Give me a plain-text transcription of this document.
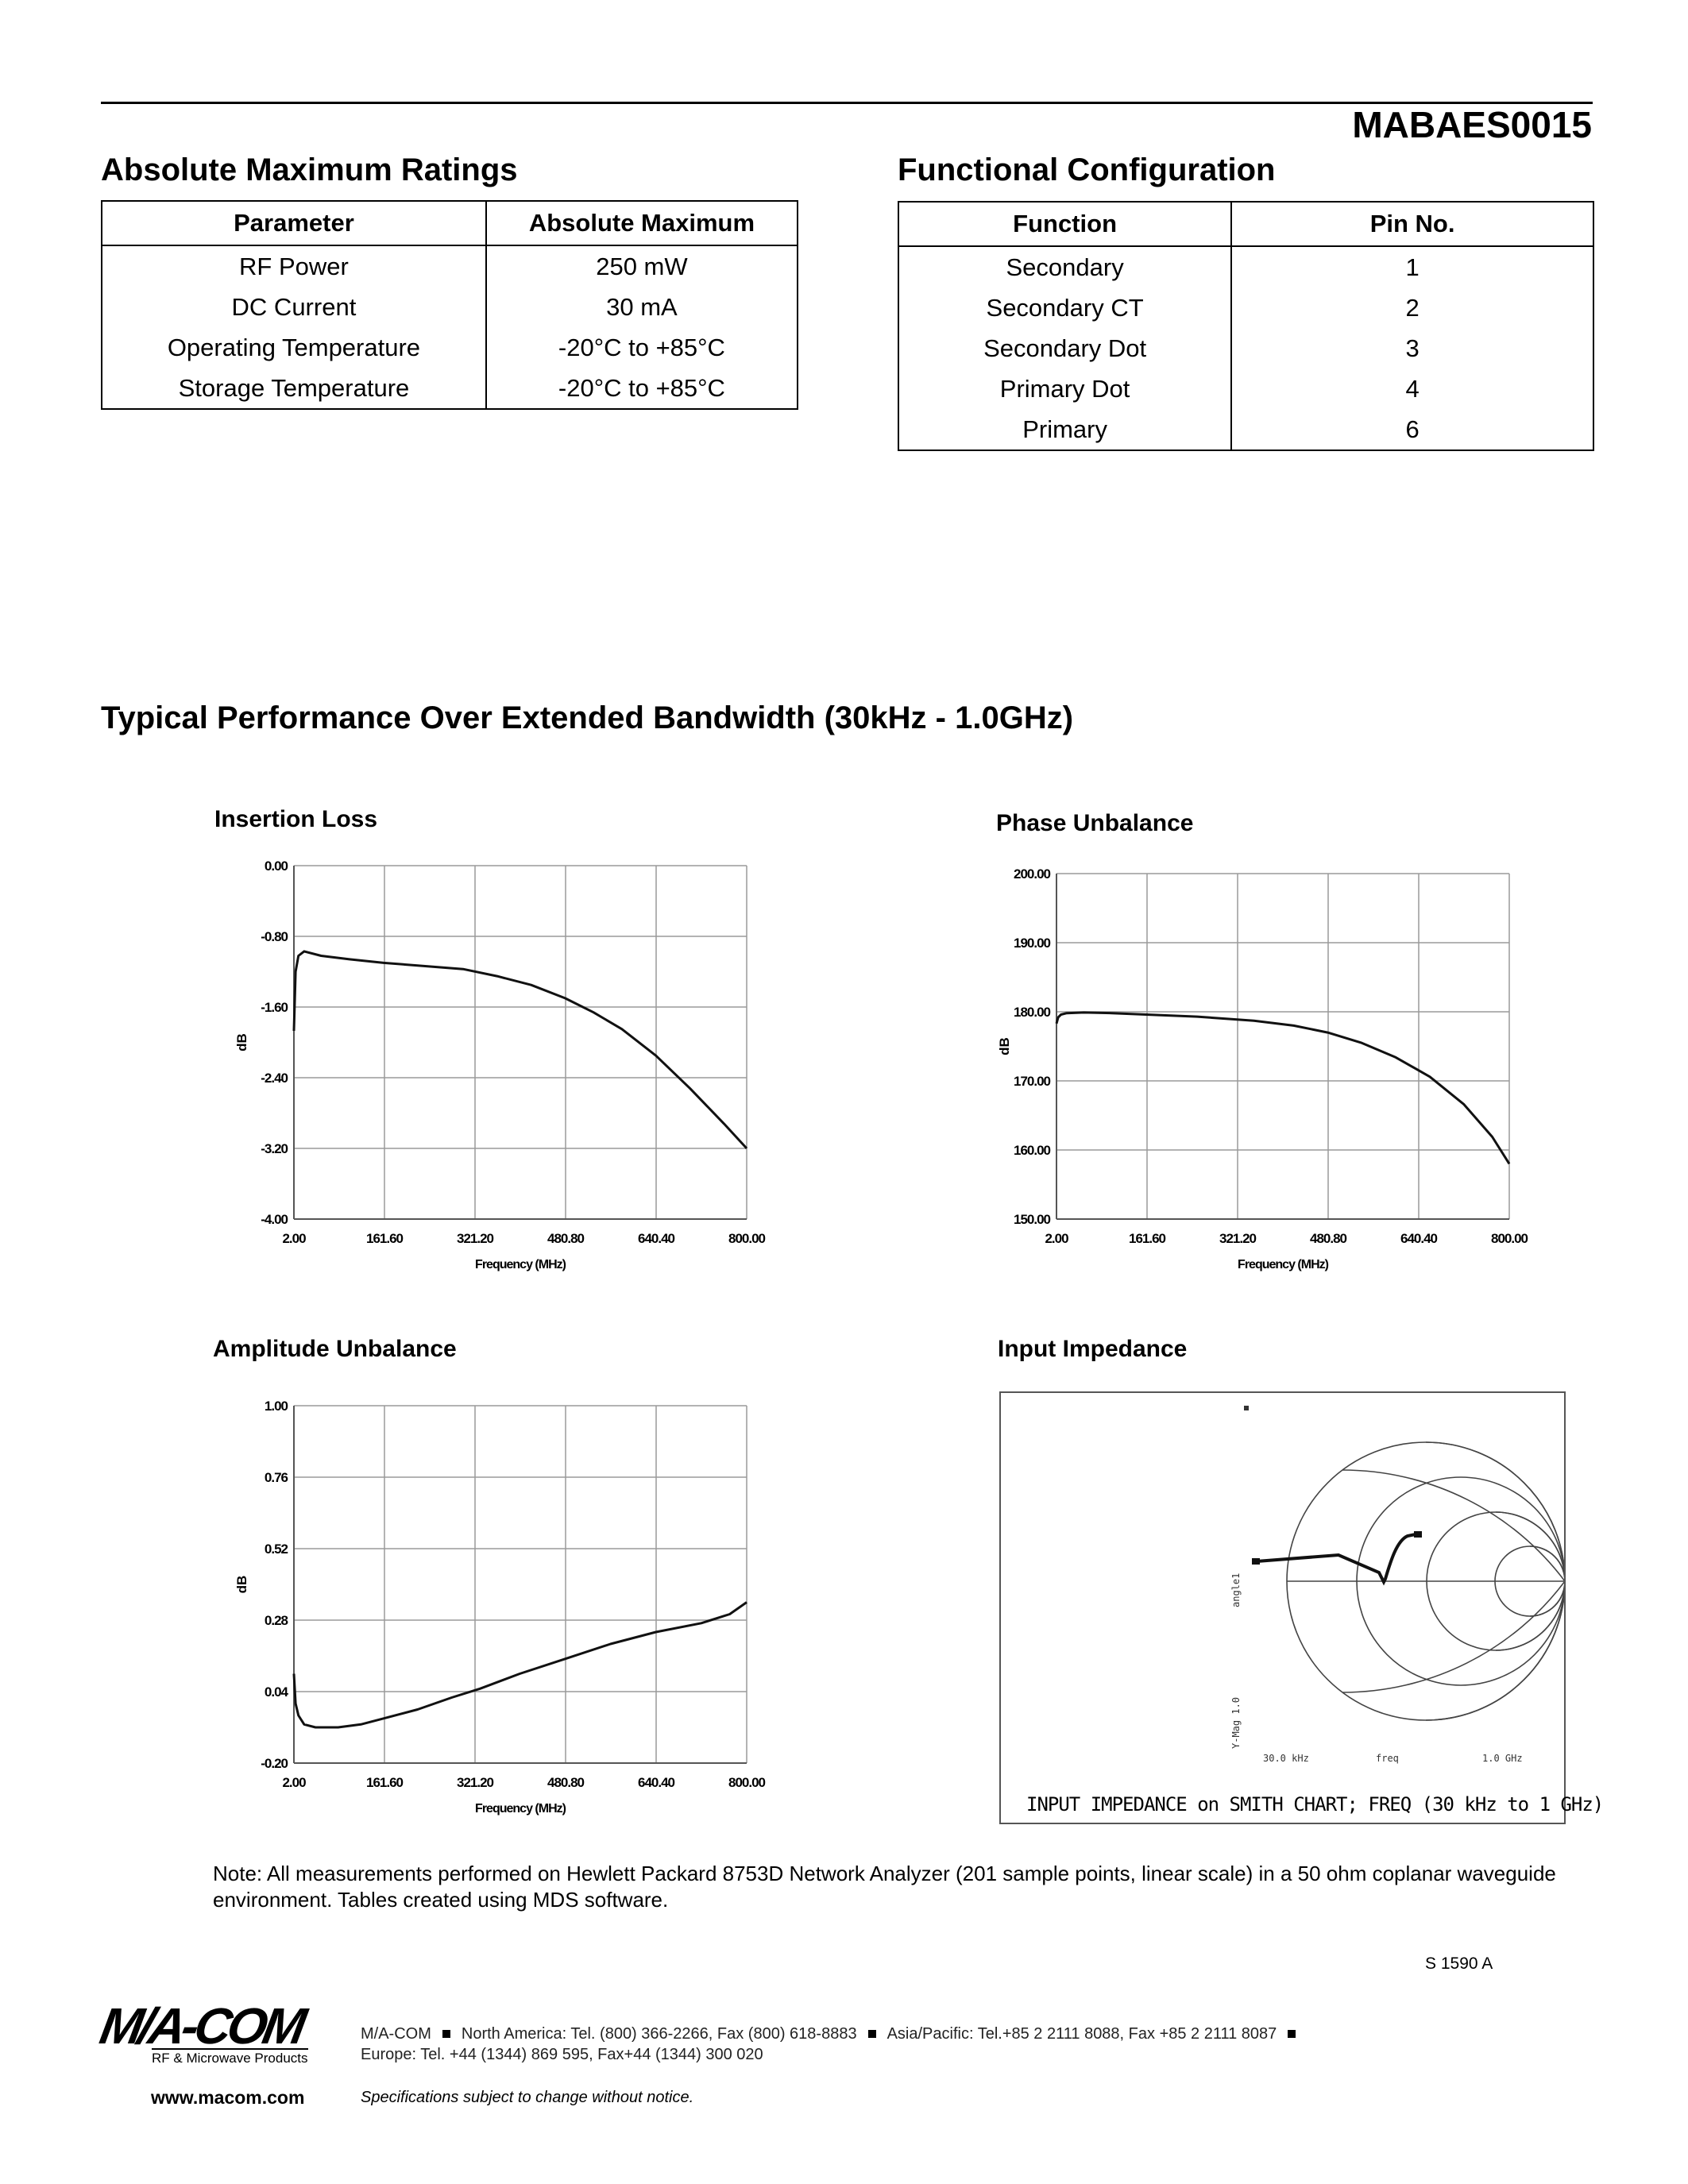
MABAES0015
Absolute Maximum Ratings
Parameter	Absolute Maximum
RF Power	250 mW
DC Current	30 mA
Operating Temperature	-20°C to +85°C
Storage Temperature	-20°C to +85°C
Functional Configuration
Function	Pin No.
Secondary	1
Secondary CT	2
Secondary Dot	3
Primary Dot	4
Primary	6
Typical Performance Over Extended Bandwidth (30kHz - 1.0GHz)
Insertion Loss	Phase Unbalance
Amplitude Unbalance	Input Impedance
0.00
-0.80
-1.60
-2.40
-3.20
-4.00
2.00	161.60	321.20	480.80	640.40	800.00
Frequency (MHz)
dB
200.00
190.00
180.00
170.00
160.00
150.00
2.00	161.60	321.20	480.80	640.40	800.00
Frequency (MHz)
dB
1.00
0.76
0.52
0.28
0.04
-0.20
2.00	161.60	321.20	480.80	640.40	800.00
Frequency (MHz)
dB	angle1
Y-Mag 1.0
30.0 kHz	freq	1.0 GHz
INPUT IMPEDANCE on SMITH CHART; FREQ (30 kHz to 1 GHz)
Note: All measurements performed on Hewlett Packard 8753D Network Analyzer (201 sample points, linear scale) in a 50 ohm coplanar waveguide environment. Tables created using MDS software.
S 1590 A
M/A-COM
RF & Microwave Products
M/A-COM North America: Tel. (800) 366-2266, Fax (800) 618-8883 Asia/Pacific: Tel.+85 2 2111 8088, Fax +85 2 2111 8087
Europe: Tel. +44 (1344) 869 595, Fax+44 (1344) 300 020
www.macom.com	Specifications subject to change without notice.
